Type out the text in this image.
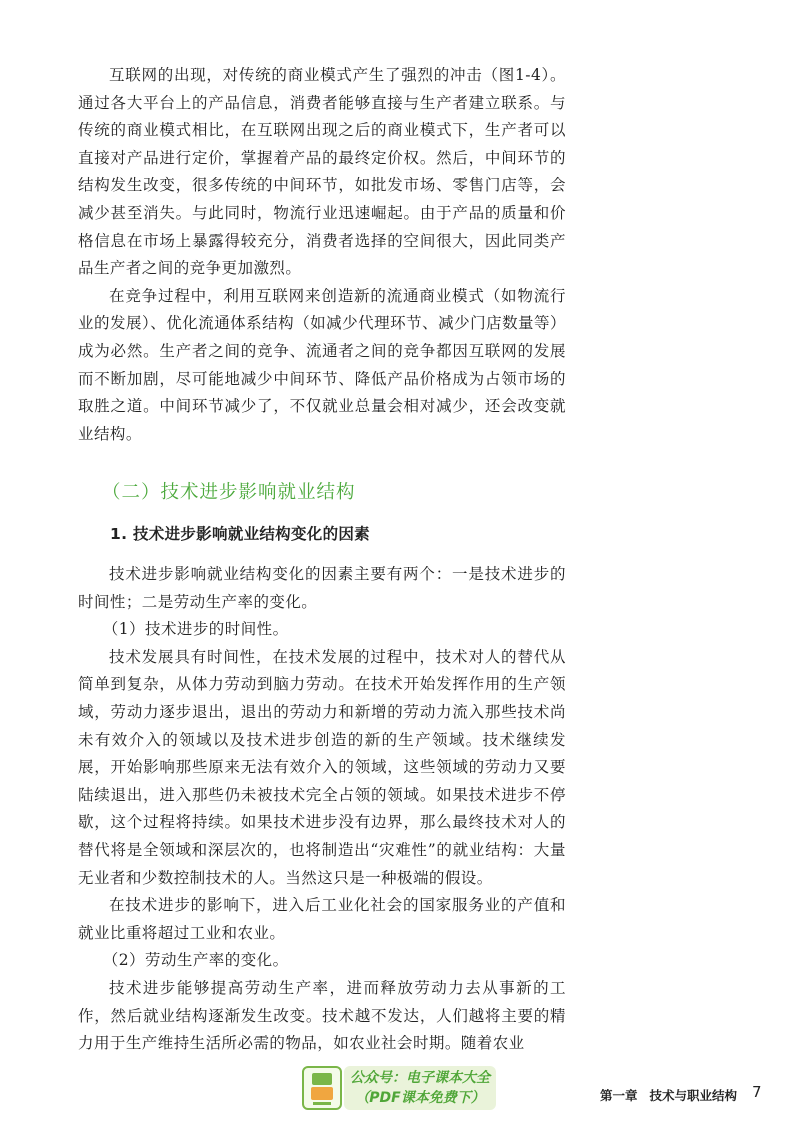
互联网的出现，对传统的商业模式产生了强烈的冲击（图1-4）。通过各大平台上的产品信息，消费者能够直接与生产者建立联系。与传统的商业模式相比，在互联网出现之后的商业模式下，生产者可以直接对产品进行定价，掌握着产品的最终定价权。然后，中间环节的结构发生改变，很多传统的中间环节，如批发市场、零售门店等，会减少甚至消失。与此同时，物流行业迅速崛起。由于产品的质量和价格信息在市场上暴露得较充分，消费者选择的空间很大，因此同类产品生产者之间的竞争更加激烈。

在竞争过程中，利用互联网来创造新的流通商业模式（如物流行业的发展）、优化流通体系结构（如减少代理环节、减少门店数量等）成为必然。生产者之间的竞争、流通者之间的竞争都因互联网的发展而不断加剧，尽可能地减少中间环节、降低产品价格成为占领市场的取胜之道。中间环节减少了，不仅就业总量会相对减少，还会改变就业结构。

（二）技术进步影响就业结构
1. 技术进步影响就业结构变化的因素

技术进步影响就业结构变化的因素主要有两个：一是技术进步的时间性；二是劳动生产率的变化。

（1）技术进步的时间性。

技术发展具有时间性，在技术发展的过程中，技术对人的替代从简单到复杂，从体力劳动到脑力劳动。在技术开始发挥作用的生产领域，劳动力逐步退出，退出的劳动力和新增的劳动力流入那些技术尚未有效介入的领域以及技术进步创造的新的生产领域。技术继续发展，开始影响那些原来无法有效介入的领域，这些领域的劳动力又要陆续退出，进入那些仍未被技术完全占领的领域。如果技术进步不停歇，这个过程将持续。如果技术进步没有边界，那么最终技术对人的替代将是全领域和深层次的，也将制造出“灾难性”的就业结构：大量无业者和少数控制技术的人。当然这只是一种极端的假设。

在技术进步的影响下，进入后工业化社会的国家服务业的产值和就业比重将超过工业和农业。

（2）劳动生产率的变化。

技术进步能够提高劳动生产率，进而释放劳动力去从事新的工作，然后就业结构逐渐发生改变。技术越不发达，人们越将主要的精力用于生产维持生活所必需的物品，如农业社会时期。随着农业

公众号：电子课本大全
（PDF课本免费下）	第一章 技术与职业结构 7
